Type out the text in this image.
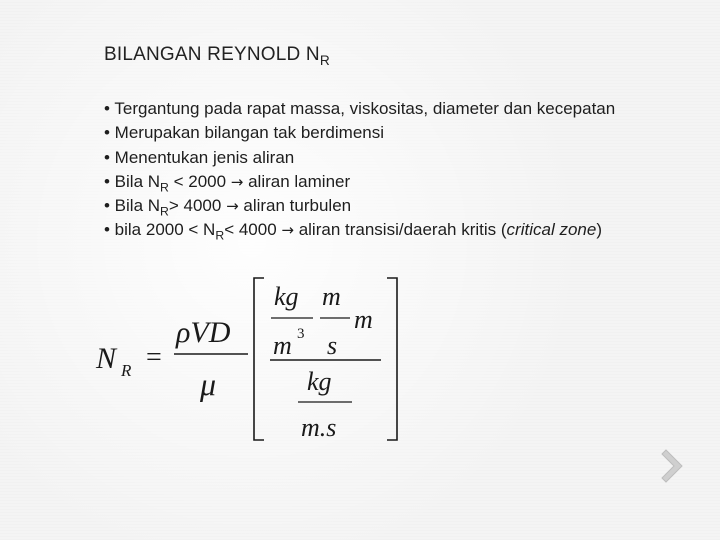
BILANGAN REYNOLD $N_R$
• Tergantung pada rapat massa, viskositas, diameter dan kecepatan
• Merupakan bilangan tak berdimensi
• Menentukan jenis aliran
• Bila $N_R < 2000$ → aliran laminer
• Bila $N_R> 4000$ → aliran turbulen
• bila $2000 < N_R< 4000$ → aliran transisi/daerah kritis (critical zone)
N R =
ρVD
μ
kg m
m
m 3 s
kg
m.s
